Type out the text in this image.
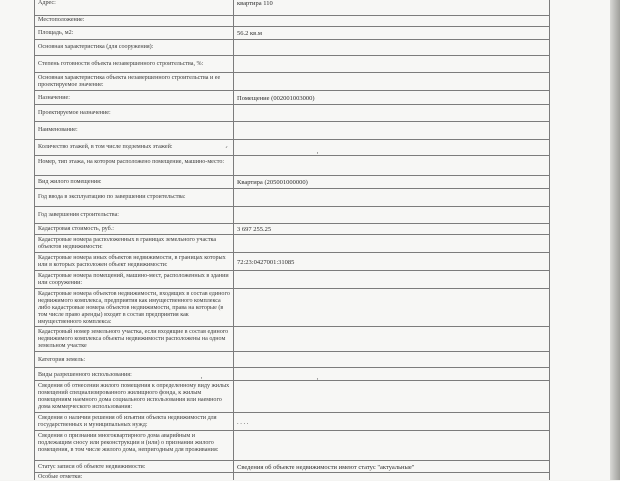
Адрес:	квартира 110
Местоположение:
Площадь, м2:	56.2 кв.м
Основная характеристика (для сооружения):
Степень готовности объекта незавершенного строительства, %:
Основная характеристика объекта незавершенного строительства и ее проектируемое значение:
Назначение:	Помещение (002001003000)
Проектируемое назначение:
Наименование:
Количество этажей, в том числе подземных этажей:
Номер, тип этажа, на котором расположено помещение, машино-место:
Вид жилого помещения:	Квартира (205001000000)
Год ввода в эксплуатацию по завершении строительства:
Год завершения строительства:
Кадастровая стоимость, руб.:	3 697 255.25
Кадастровые номера расположенных в границах земельного участка объектов недвижимости:
Кадастровые номера иных объектов недвижимости, в границах которых или в которых расположен объект недвижимости:	72:23:0427001:31085
Кадастровые номера помещений, машино-мест, расположенных в здании или сооружении:
Кадастровые номера объектов недвижимости, входящих в состав единого недвижимого комплекса, предприятия как имущественного комплекса либо кадастровые номера объектов недвижимости, права на которые (в том числе право аренды) входят в состав предприятия как имущественного комплекса:
Кадастровый номер земельного участка, если входящие в состав единого недвижимого комплекса объекты недвижимости расположены на одном земельном участке
Категория земель:
Виды разрешенного использования:
Сведения об отнесении жилого помещения к определенному виду жилых помещений специализированного жилищного фонда, к жилым помещениям наемного дома социального использования или наемного дома коммерческого использования:
Сведения о наличии решения об изъятии объекта недвижимости для государственных и муниципальных нужд:	. . . .
Сведения о признании многоквартирного дома аварийным и подлежащим сносу или реконструкции и (или) о признании жилого помещения, в том числе жилого дома, непригодным для проживания:
Статус записи об объекте недвижимости:	Сведения об объекте недвижимости имеют статус "актуальные"
Особые отметки:
´	·
·	·
